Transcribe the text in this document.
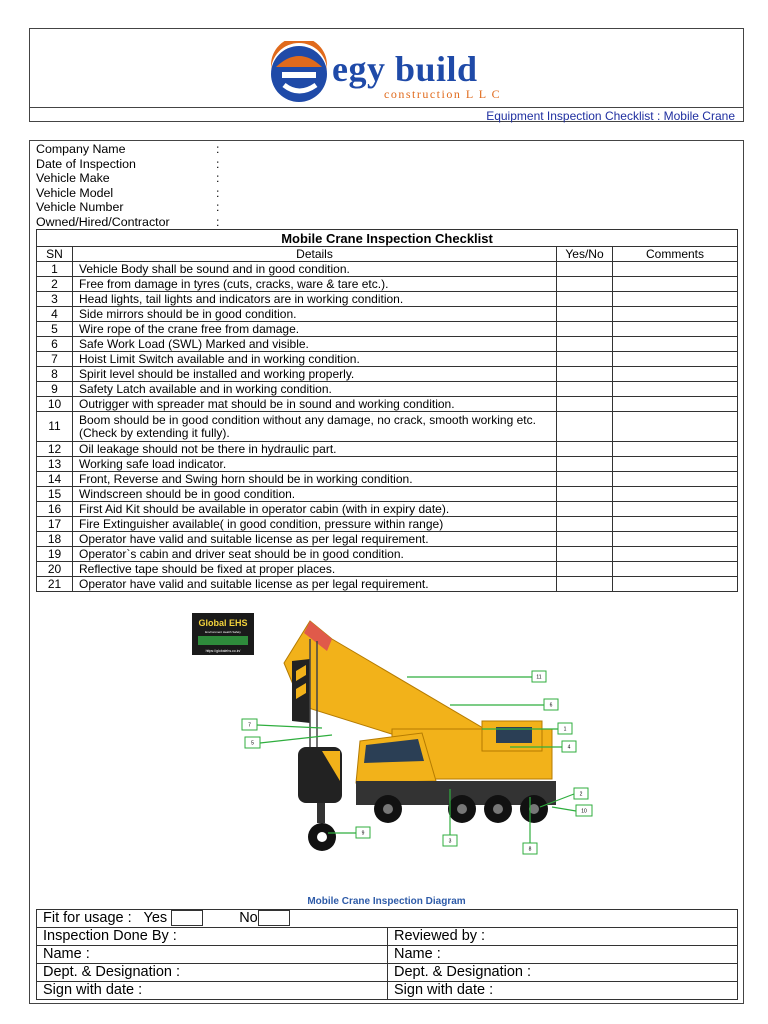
egy build
construction L L C
Equipment Inspection Checklist : Mobile Crane
Company Name	:
Date of Inspection	:
Vehicle Make	:
Vehicle Model	:
Vehicle Number	:
Owned/Hired/Contractor	:
Mobile Crane Inspection Checklist			
SN	Details	Yes/No	Comments
1	Vehicle Body shall be sound and in good condition.		
2	Free from damage in tyres (cuts, cracks, ware & tare etc.).		
3	Head lights, tail lights and indicators are in working condition.		
4	Side mirrors should be in good condition.		
5	Wire rope of the crane free from damage.		
6	Safe Work Load (SWL) Marked and visible.		
7	Hoist Limit Switch available and in working condition.		
8	Spirit level should be installed and working properly.		
9	Safety Latch available and in working condition.		
10	Outrigger with spreader mat should be in sound and working condition.		
11	Boom should be in good condition without any damage, no crack, smooth working etc.(Check by extending it fully).		
12	Oil leakage should not be there in hydraulic part.		
13	Working safe load indicator.		
14	Front, Reverse and Swing horn should be in working condition.		
15	Windscreen should be in good condition.		
16	First Aid Kit should be available in operator cabin (with in expiry date).		
17	Fire Extinguisher available( in good condition, pressure within range)		
18	Operator have valid and suitable license as per legal requirement.		
19	Operator`s cabin and driver seat should be in good condition.		
20	Reflective tape should be fixed at proper places.		
21	Operator have valid and suitable license as per legal requirement.		
Global EHS
Environment Health Safety
https://globalehs.co.in/
11
6
1
4
7
5
2
10
9
3
8
Mobile Crane Inspection Diagram
Fit for usage : Yes No	
Inspection Done By :	Reviewed by :
Name :	Name :
Dept. & Designation :	Dept. & Designation :
Sign with date :	Sign with date :
